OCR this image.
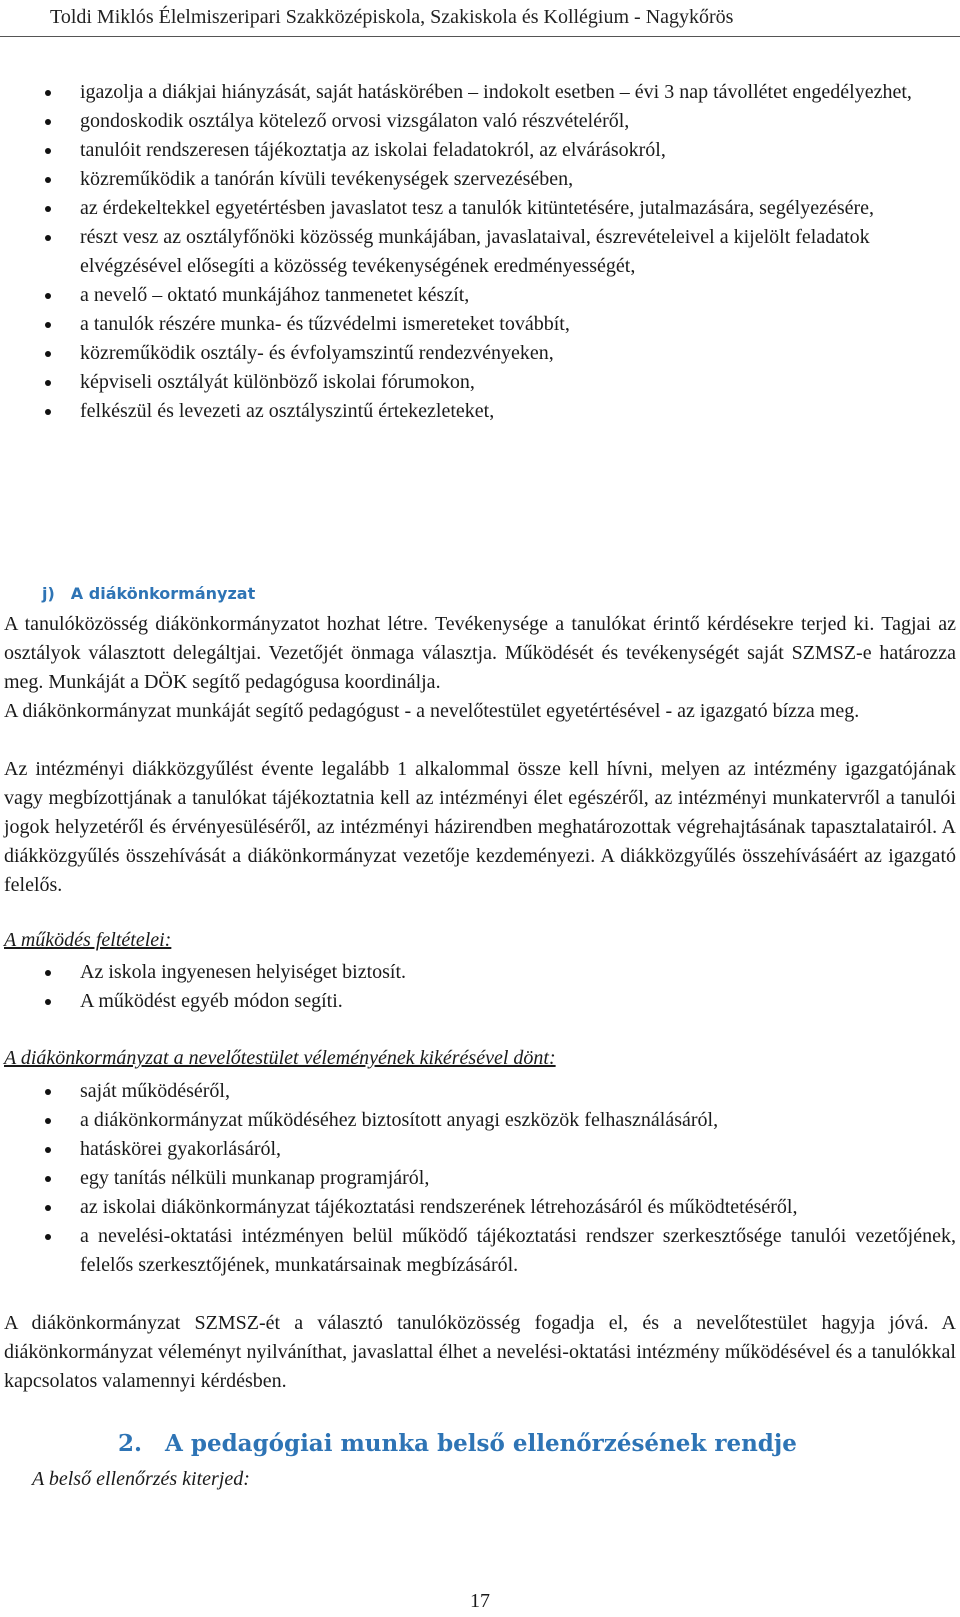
Toldi Miklós Élelmiszeripari Szakközépiskola, Szakiskola és Kollégium - Nagykőrös
igazolja a diákjai hiányzását, saját hatáskörében – indokolt esetben – évi 3 nap távollétet engedélyezhet,
gondoskodik osztálya kötelező orvosi vizsgálaton való részvételéről,
tanulóit rendszeresen tájékoztatja az iskolai feladatokról, az elvárásokról,
közreműködik a tanórán kívüli tevékenységek szervezésében,
az érdekeltekkel egyetértésben javaslatot tesz a tanulók kitüntetésére, jutalmazására, segélyezésére,
részt vesz az osztályfőnöki közösség munkájában, javaslataival, észrevételeivel a kijelölt feladatok elvégzésével elősegíti a közösség tevékenységének eredményességét,
a nevelő – oktató munkájához tanmenetet készít,
a tanulók részére munka- és tűzvédelmi ismereteket továbbít,
közreműködik osztály- és évfolyamszintű rendezvényeken,
képviseli osztályát különböző iskolai fórumokon,
felkészül és levezeti az osztályszintű értekezleteket,
j) A diákönkormányzat

A tanulóközösség diákönkormányzatot hozhat létre. Tevékenysége a tanulókat érintő kérdésekre terjed ki. Tagjai az osztályok választott delegáltjai. Vezetőjét önmaga választja. Működését és tevékenységét saját SZMSZ-e határozza meg. Munkáját a DÖK segítő pedagógusa koordinálja.

A diákönkormányzat munkáját segítő pedagógust - a nevelőtestület egyetértésével - az igazgató bízza meg.

Az intézményi diákközgyűlést évente legalább 1 alkalommal össze kell hívni, melyen az intézmény igazgatójának vagy megbízottjának a tanulókat tájékoztatnia kell az intézményi élet egészéről, az intézményi munkatervről a tanulói jogok helyzetéről és érvényesüléséről, az intézményi házirendben meghatározottak végrehajtásának tapasztalatairól. A diákközgyűlés összehívását a diákönkormányzat vezetője kezdeményezi. A diákközgyűlés összehívásáért az igazgató felelős.

A működés feltételei:
Az iskola ingyenesen helyiséget biztosít.
A működést egyéb módon segíti.
A diákönkormányzat a nevelőtestület véleményének kikérésével dönt:
saját működéséről,
a diákönkormányzat működéséhez biztosított anyagi eszközök felhasználásáról,
hatáskörei gyakorlásáról,
egy tanítás nélküli munkanap programjáról,
az iskolai diákönkormányzat tájékoztatási rendszerének létrehozásáról és működtetéséről,
a nevelési-oktatási intézményen belül működő tájékoztatási rendszer szerkesztősége tanulói vezetőjének, felelős szerkesztőjének, munkatársainak megbízásáról.

A diákönkormányzat SZMSZ-ét a választó tanulóközösség fogadja el, és a nevelőtestület hagyja jóvá. A diákönkormányzat véleményt nyilváníthat, javaslattal élhet a nevelési-oktatási intézmény működésével és a tanulókkal kapcsolatos valamennyi kérdésben.

2. A pedagógiai munka belső ellenőrzésének rendje
A belső ellenőrzés kiterjed:
17
